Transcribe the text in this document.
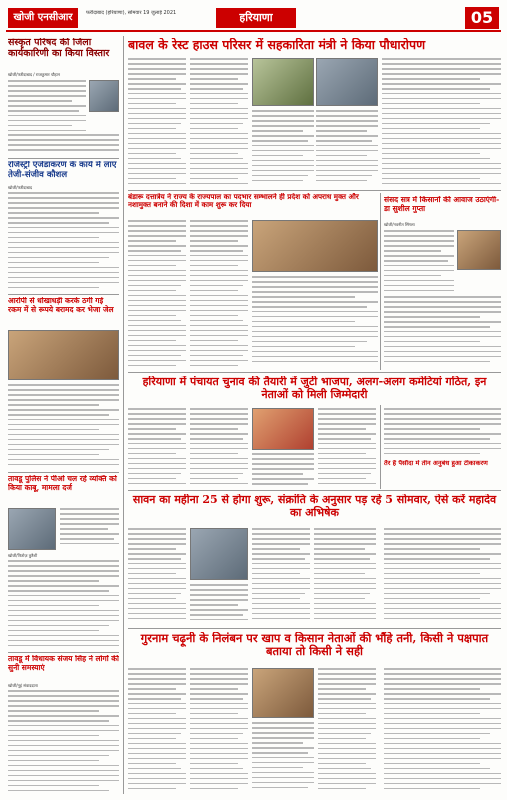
खोजी एनसीआर	फरीदाबाद (हरियाणा), सोमवार 19 जुलाई 2021	हरियाणा	05
संस्कृत परिषद की जिला कार्यकारिणी का किया विस्तार
खोजी/फरीदाबाद / राजकुमार चौहान
रजिस्ट्री एजेंडाकरण के कार्य में लाएं तेजी-संजीव कौशल
खोजी/फरीदाबाद
आरोपी से धोखाधड़ी करके ठगी गई रकम में से रूपये बरामद कर भेजा जेल
तावडू पुलिस ने पीओ चल रहे व्यक्ति को किया काबू, मामला दर्ज
खोजी/फिरोज़ कुरैशी
तावडू में विधायक संजय सिंह ने लोगों की सुनी समस्याएं
खोजी/नूहं संवाददाता
बावल के रेस्ट हाउस परिसर में सहकारिता मंत्री ने किया पौधारोपण
बंडारू दत्तात्रेय ने राज्य के राज्यपाल का पदभार सम्भालने ही प्रदेश को अपराध मुक्त और नशामुक्त बनाने की दिशा में काम शुरू कर दिया
संसद सत्र में किसानों की आवाज उठाएंगी-डा सुशील गुप्ता
खोजी/नवनीत सिंगला
हरियाणा में पंचायत चुनाव की तैयारी में जुटी भाजपा, अलग-अलग कमेटियां गठित, इन नेताओं को मिली जिम्मेदारी
तैर है पैसौंदा में तीन अनुबंध हुआ टीकाकरण
सावन का महीना 25 से होगा शुरू, संक्रांति के अनुसार पड़ रहे 5 सोमवार, ऐसे करें महादेव का अभिषेक
गुरनाम चढ़ूनी के निलंबन पर खाप व किसान नेताओं की भौंहे तनी, किसी ने पक्षपात बताया तो किसी ने सही
